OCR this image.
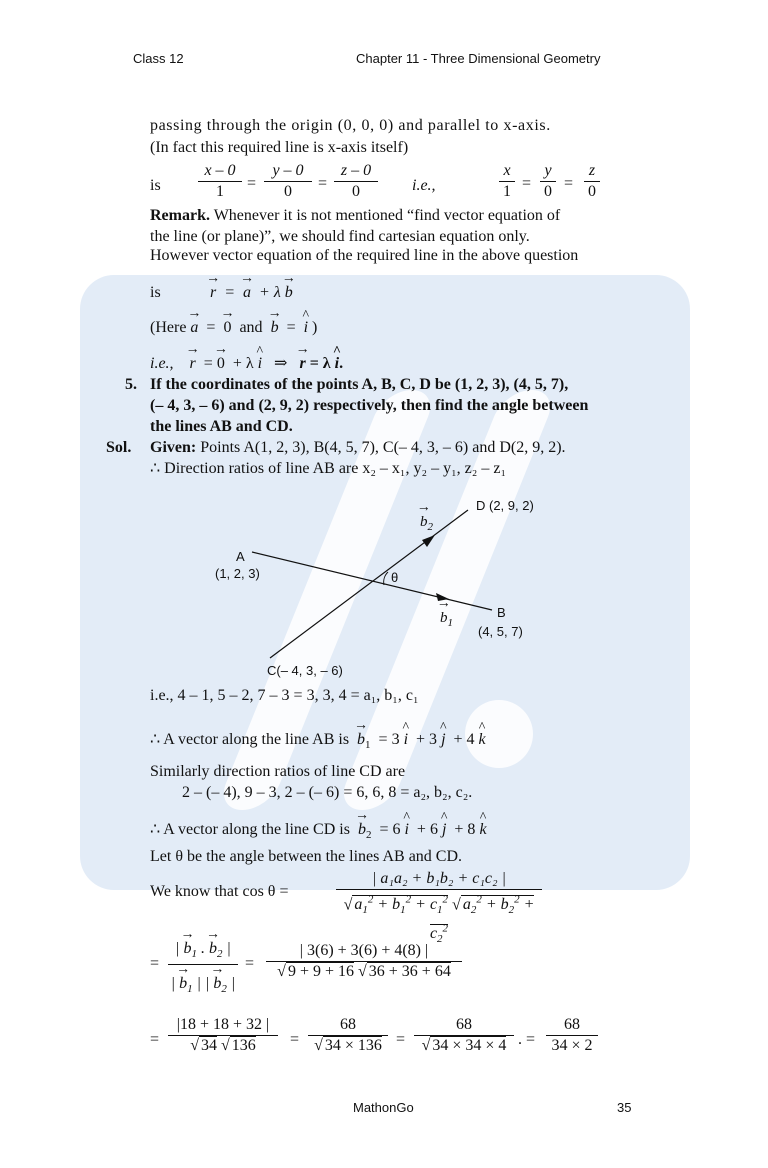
Class 12	Chapter 11 - Three Dimensional Geometry
passing through the origin (0, 0, 0) and parallel to x-axis.
(In fact this required line is x-axis itself)
is $\frac{x - 0}{1} = \frac{y - 0}{0} = \frac{z - 0}{0} i.e$.,	$\frac{x}{1} = \frac{y}{0} = \frac{z}{0}$
Remark. Whenever it is not mentioned “find vector equation of
the line (or plane)”, we should find cartesian equation only.
However vector equation of the required line in the above question
is	→ r  =  → a  + λ → b
(Here → a  =  → 0 and → b  =  ^ i )
i.e., → r  = → 0  + λ ^ i   ⇒   → r = λ ^ i.
5. If the coordinates of the points A, B, C, D be (1, 2, 3), (4, 5, 7),
(– 4, 3, – 6) and (2, 9, 2) respectively, then find the angle between
the lines AB and CD.
Sol. Given: Points A(1, 2, 3), B(4, 5, 7), C(– 4, 3, – 6) and D(2, 9, 2).
∴ Direction ratios of line AB are x₂ – x₁, y₂ – y₁, z₂ – z₁
A
(1, 2, 3)
B
(4, 5, 7)
C(– 4, 3, – 6)
D (2, 9, 2)
θ
→ $b_1$
→ $b_2$
i.e., 4 – 1, 5 – 2, 7 – 3 = 3, 3, 4 = a₁, b₁, c₁
∴ A vector along the line AB is → $b_1 = 3$ ^ i  + 3 ^ j  + 4 ^ k
Similarly direction ratios of line CD are
2 – (– 4), 9 – 3, 2 – (– 6) = 6, 6, 8 = a₂, b₂, c₂.
∴ A vector along the line CD is → $b_2 = 6$ ^ i  + 6 ^ j  + 8 ^ k
Let θ be the angle between the lines AB and CD.
We know that cos θ =	$\frac{\text{| a₁a₂ + b₁b₂ + c₁c₂ |}}{√ a_1^2 + b_1^2 + c_1^2 √ a_2^2 + b_2^2 + c_2^2}$
= $\frac{| \to b_1 . \to b_2 |}{| \to b_1 | | \to b_2 |} = \frac{| 3(6) + 3(6) + 4(8) |}{√ 9 + 9 + 16 √ 36 + 36 + 64}$
= $\frac{|18 + 18 + 32 |}{√ 34 √ 136} = \frac{68}{√ 34 \times 136} = \frac{68}{√ 34 \times 34 \times 4}$ . = $\frac{68}{34 \times 2}$
MathonGo	35
